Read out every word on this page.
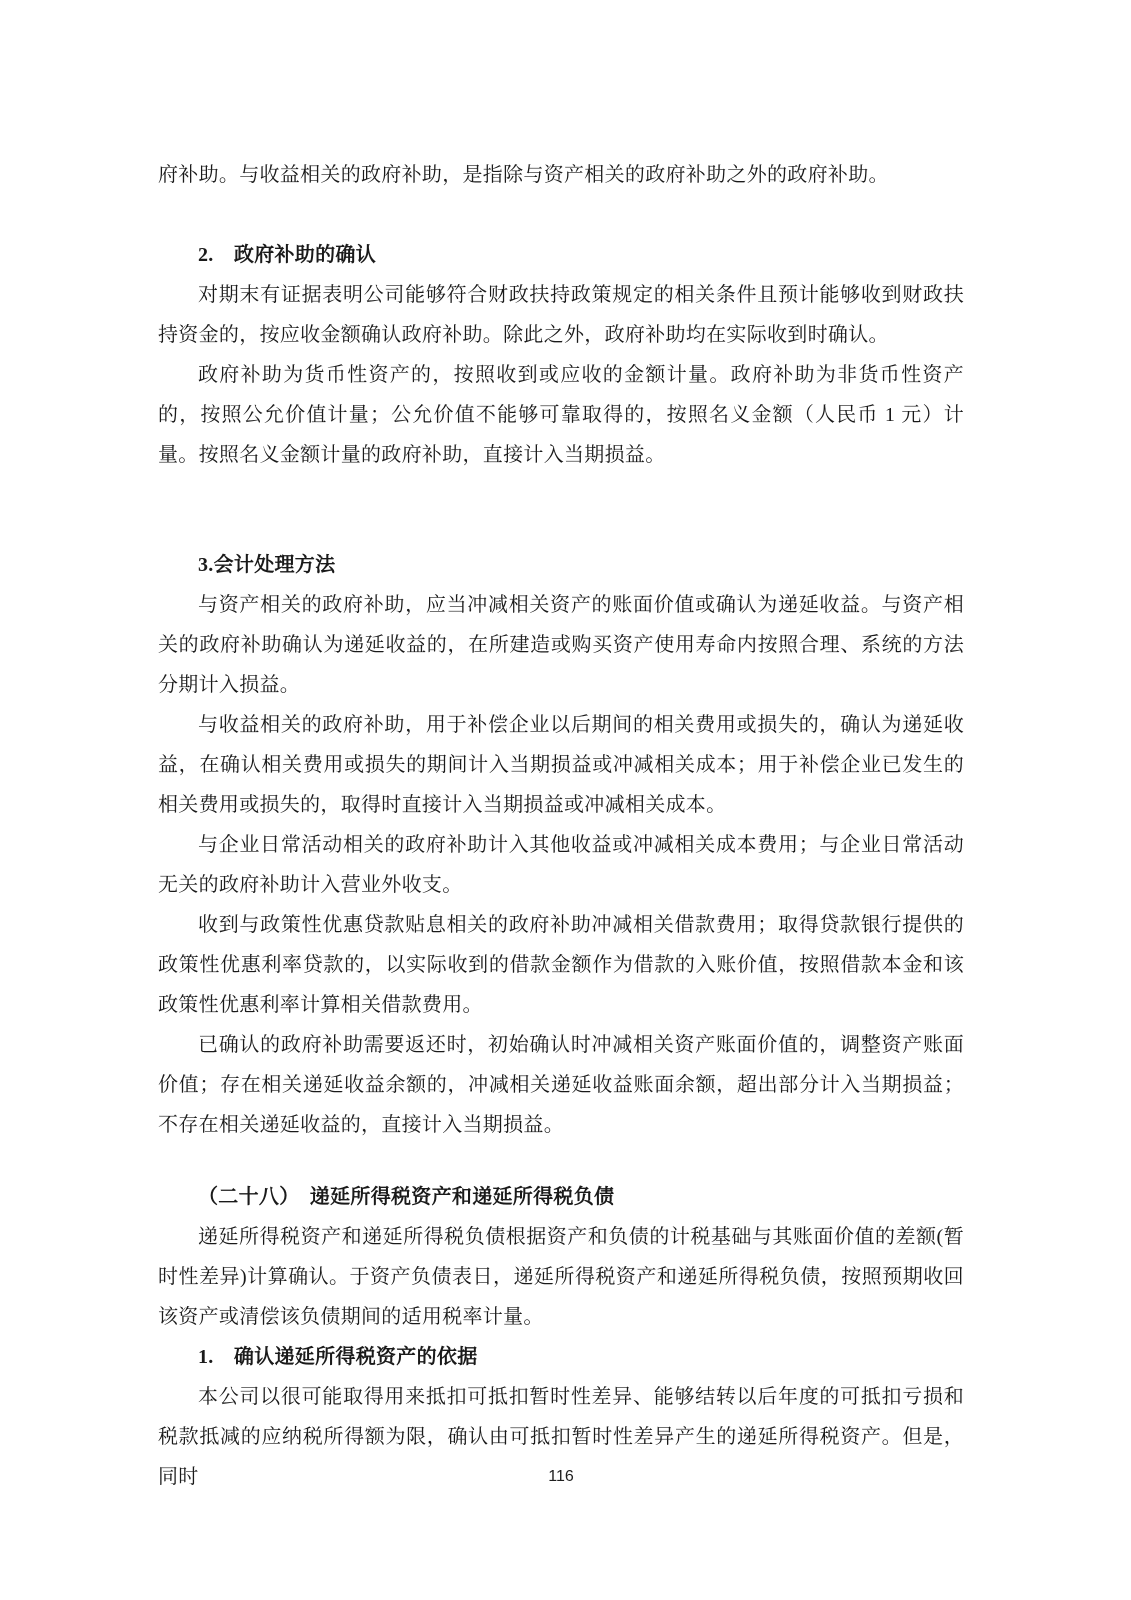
府补助。与收益相关的政府补助，是指除与资产相关的政府补助之外的政府补助。

2.　政府补助的确认

对期末有证据表明公司能够符合财政扶持政策规定的相关条件且预计能够收到财政扶持资金的，按应收金额确认政府补助。除此之外，政府补助均在实际收到时确认。

政府补助为货币性资产的，按照收到或应收的金额计量。政府补助为非货币性资产的，按照公允价值计量；公允价值不能够可靠取得的，按照名义金额（人民币 1 元）计量。按照名义金额计量的政府补助，直接计入当期损益。

3.会计处理方法

与资产相关的政府补助，应当冲减相关资产的账面价值或确认为递延收益。与资产相关的政府补助确认为递延收益的，在所建造或购买资产使用寿命内按照合理、系统的方法分期计入损益。

与收益相关的政府补助，用于补偿企业以后期间的相关费用或损失的，确认为递延收益，在确认相关费用或损失的期间计入当期损益或冲减相关成本；用于补偿企业已发生的相关费用或损失的，取得时直接计入当期损益或冲减相关成本。

与企业日常活动相关的政府补助计入其他收益或冲减相关成本费用；与企业日常活动无关的政府补助计入营业外收支。

收到与政策性优惠贷款贴息相关的政府补助冲减相关借款费用；取得贷款银行提供的政策性优惠利率贷款的，以实际收到的借款金额作为借款的入账价值，按照借款本金和该政策性优惠利率计算相关借款费用。

已确认的政府补助需要返还时，初始确认时冲减相关资产账面价值的，调整资产账面价值；存在相关递延收益余额的，冲减相关递延收益账面余额，超出部分计入当期损益；不存在相关递延收益的，直接计入当期损益。

（二十八）　递延所得税资产和递延所得税负债

递延所得税资产和递延所得税负债根据资产和负债的计税基础与其账面价值的差额(暂时性差异)计算确认。于资产负债表日，递延所得税资产和递延所得税负债，按照预期收回该资产或清偿该负债期间的适用税率计量。

1.　确认递延所得税资产的依据

本公司以很可能取得用来抵扣可抵扣暂时性差异、能够结转以后年度的可抵扣亏损和税款抵减的应纳税所得额为限，确认由可抵扣暂时性差异产生的递延所得税资产。但是，同时	116
